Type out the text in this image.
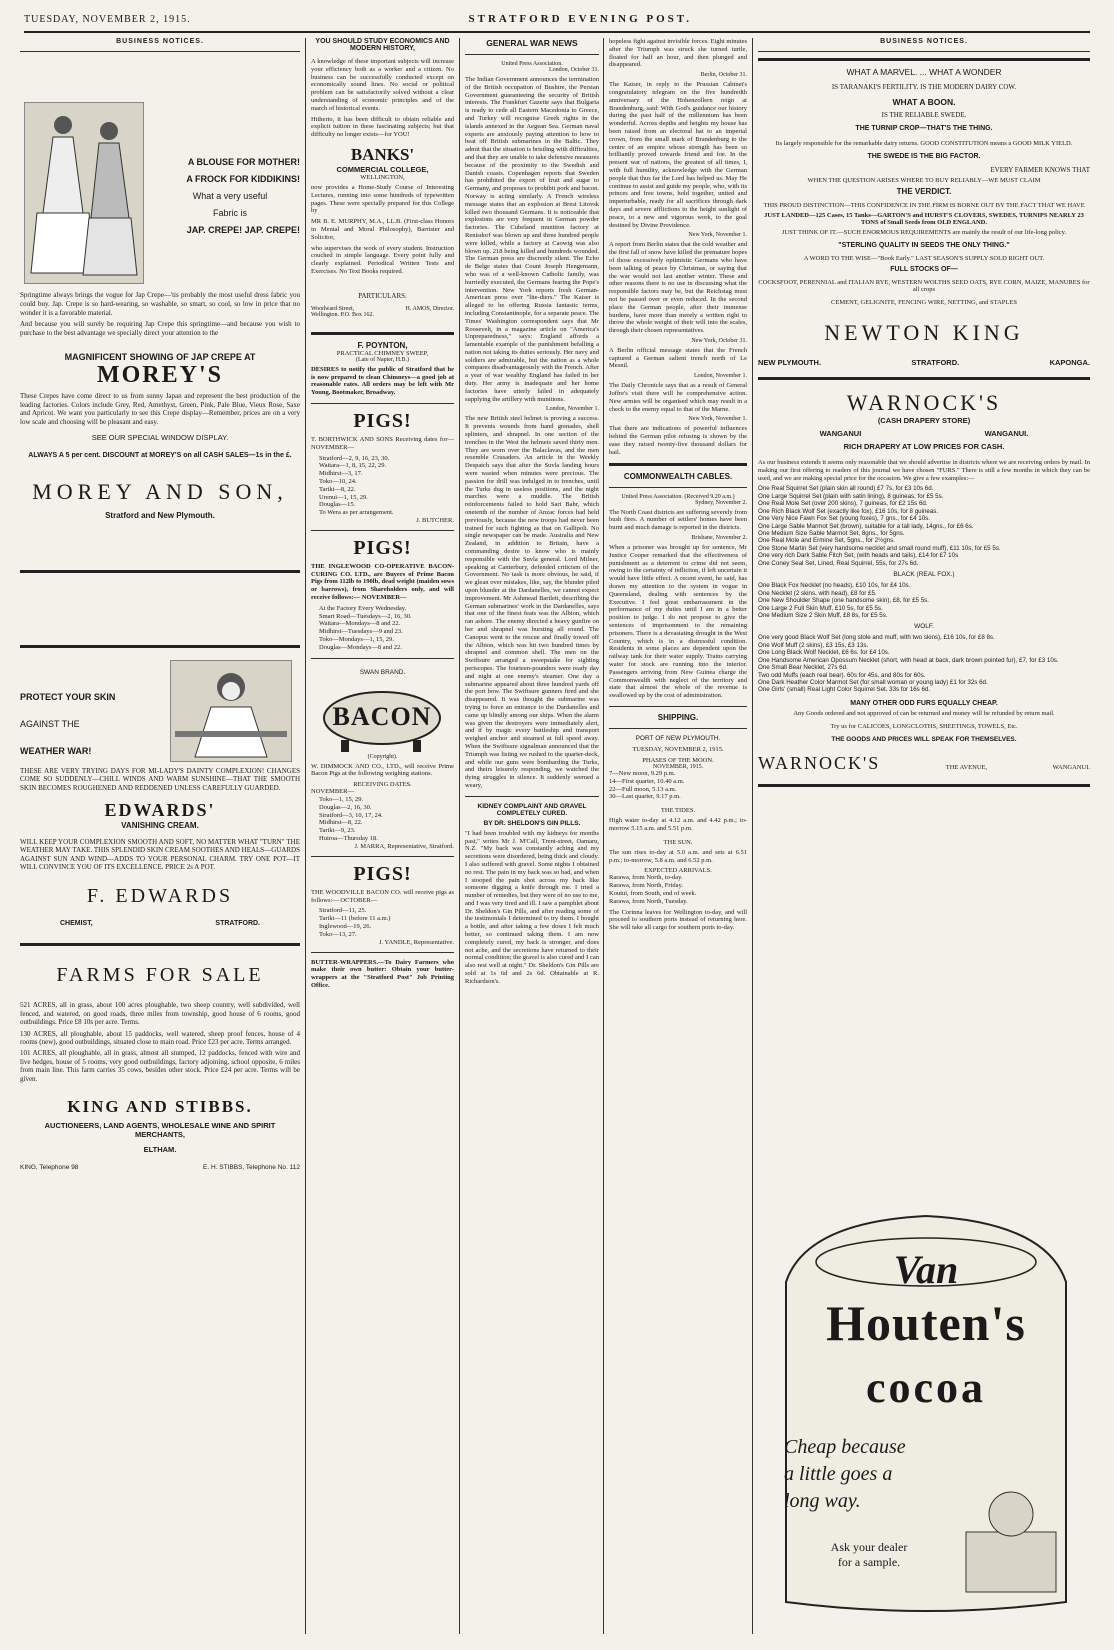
TUESDAY, NOVEMBER 2, 1915.	STRATFORD EVENING POST.
BUSINESS NOTICES.
A BLOUSE FOR MOTHER!
A FROCK FOR KIDDIKINS!
What a very useful
Fabric is
JAP. CREPE! JAP. CREPE!

Springtime always brings the vogue for Jap Crepe—'tis probably the most useful dress fabric you could buy. Jap. Crepe is so hard-wearing, so washable, so smart, so cool, so low in price that no wonder it is a favorable material.

And because you will surely be requiring Jap Crepe this springtime—and because you wish to purchase to the best advantage we specially direct your attention to the

MAGNIFICENT SHOWING OF JAP CREPE AT
MOREY'S

These Crepes have come direct to us from sunny Japan and represent the best production of the leading factories. Colors include Grey, Red, Amethyst, Green, Pink, Pale Blue, Vieux Rose, Saxe and Apricot. We want you particularly to see this Crepe display—Remember, prices are on a very low scale and choosing will be pleasant and easy.

SEE OUR SPECIAL WINDOW DISPLAY.
ALWAYS A 5 per cent. DISCOUNT at MOREY'S on all CASH SALES—1s in the £.
MOREY AND SON,
Stratford and New Plymouth.
PROTECT YOUR SKIN
AGAINST THE
WEATHER WAR!

THESE ARE VERY TRYING DAYS FOR MI-LADY'S DAINTY COMPLEXION! CHANGES COME SO SUDDENLY—CHILL WINDS AND WARM SUNSHINE—THAT THE SMOOTH SKIN BECOMES ROUGHENED AND REDDENED UNLESS CAREFULLY GUARDED.

EDWARDS'
VANISHING CREAM.

WILL KEEP YOUR COMPLEXION SMOOTH AND SOFT, NO MATTER WHAT "TURN" THE WEATHER MAY TAKE. THIS SPLENDID SKIN CREAM SOOTHES AND HEALS—GUARDS AGAINST SUN AND WIND—ADDS TO YOUR PERSONAL CHARM. TRY ONE POT—IT WILL CONVINCE YOU OF ITS EXCELLENCE. PRICE 2s A POT.

F. EDWARDS
CHEMIST,	STRATFORD.
FARMS FOR SALE

521 ACRES, all in grass, about 100 acres ploughable, two sheep country, well subdivided, well fenced, and watered, on good roads, three miles from township, good house of 6 rooms, good outbuildings. Price £8 10s per acre. Terms.

130 ACRES, all ploughable, about 15 paddocks, well watered, sheep proof fences, house of 4 rooms (new), good outbuildings, situated close to main road. Price £23 per acre. Terms arranged.

101 ACRES, all ploughable, all in grass, almost all stumped, 12 paddocks, fenced with wire and live hedges, house of 5 rooms, very good outbuildings, factory adjoining, school opposite, 6 miles from main line. This farm carries 35 cows, besides other stock. Price £24 per acre. Terms will be given.

KING AND STIBBS.
AUCTIONEERS, LAND AGENTS, WHOLESALE WINE AND SPIRIT MERCHANTS,
ELTHAM.
KING, Telephone 98	E. H. STIBBS, Telephone No. 112
YOU SHOULD STUDY ECONOMICS AND MODERN HISTORY,

A knowledge of these important subjects will increase your efficiency both as a worker and a citizen. No business can be successfully conducted except on economically sound lines. No social or political problem can be satisfactorily solved without a clear understanding of economic principles and of the march of historical events.

Hitherto, it has been difficult to obtain reliable and explicit tuition in these fascinating subjects; but that difficulty no longer exists—for YOU!

BANKS'
COMMERCIAL COLLEGE,
WELLINGTON,

now provides a Home-Study Course of Interesting Lectures, running into some hundreds of typewritten pages. These were specially prepared for this College by

MR B. E. MURPHY, M.A., LL.B. (First-class Honors in Mental and Moral Philosophy), Barrister and Solicitor,

who supervises the work of every student. Instruction couched in simple language. Every point fully and clearly explained. Periodical Written Tests and Exercises. No Text Books required.

PARTICULARS.
Woodward Street, Wellington. P.O. Box 162.
H. AMOS, Director.
F. POYNTON,
PRACTICAL CHIMNEY SWEEP,
(Late of Napier, H.B.)

DESIRES to notify the public of Stratford that he is now prepared to clean Chimneys—a good job at reasonable rates. All orders may be left with Mr Young, Bootmaker, Broadway.

PIGS!

T. BORTHWICK AND SONS Receiving dates for— NOVEMBER—

Stratford—2, 9, 16, 23, 30.
Waitara—1, 8, 15, 22, 29.
Midhirst—3, 17.
Toko—10, 24.
Tariki—8, 22.
Urenui—1, 15, 29.
Douglas—15.
To Wera as per arrangement.
J. BUTCHER.
PIGS!

THE INGLEWOOD CO-OPERATIVE BACON-CURING CO. LTD., are Buyers of Prime Bacon Pigs from 112lb to 190lb, dead weight (maiden sows or barrows), from Shareholders only, and will receive follows:— NOVEMBER—

At the Factory Every Wednesday.
Smart Road—Tuesdays—2, 16, 30.
Waitara—Mondays—8 and 22.
Midhirst—Tuesdays—9 and 23.
Toko—Mondays—1, 15, 29.
Douglas—Mondays—8 and 22.
SWAN BRAND.
BACON
(Copyright).

W. DIMMOCK AND CO., LTD., will receive Prime Bacon Pigs at the following weighing stations.

RECEIVING DATES.
NOVEMBER—
Toko—1, 15, 29.
Douglas—2, 16, 30.
Stratford—3, 10, 17, 24.
Midhirst—8, 22.
Tariki—9, 23.
Huiroa—Thursday 18.
J. MARRA, Representative, Stratford.
PIGS!

THE WOODVILLE BACON CO. will receive pigs as follows:— OCTOBER—

Stratford—11, 25.
Tariki—11 (before 11 a.m.)
Inglewood—19, 26.
Toko—13, 27.
J. YANDLE, Representative.

BUTTER-WRAPPERS.—To Dairy Farmers who make their own butter: Obtain your butter-wrappers at the "Stratford Post" Job Printing Office.

GENERAL WAR NEWS
United Press Association.
London, October 31.

The Indian Government announces the termination of the British occupation of Bushire, the Persian Government guaranteeing the security of British interests. The Frankfurt Gazette says that Bulgaria is ready to cede all Eastern Macedonia to Greece, and Turkey will recognise Greek rights in the islands annexed in the Aegean Sea. German naval experts are anxiously paying attention to how to beat off British submarines in the Baltic. They admit that the situation is bristling with difficulties, and that they are unable to take defensive measures because of the proximity to the Swedish and Danish coasts. Copenhagen reports that Sweden has prohibited the export of fruit and sugar to Germany, and proposes to prohibit pork and bacon. Norway is acting similarly. A French wireless message states that an explosion at Brest Litovsk killed two thousand Germans. It is noticeable that explosions are very frequent in German powder factories. The Cubeland munition factory at Renisdorf was blown up and three hundred people were killed, while a factory at Caowig was also blown up. 218 being killed and hundreds wounded. The German press are discreetly silent. The Echo de Belge states that Count Joseph Hengemann, who was of a well-known Catholic family, was hurriedly executed, the Germans fearing the Pope's intervention. New York reports fresh German-American press over "lite-diers." The Kaiser is alleged to be offering Russia fantastic terms, including Constantinople, for a separate peace. The Times' Washington correspondent says that Mr Roosevelt, in a magazine article on "America's Unpreparedness," says: England affords a lamentable example of the punishment befalling a nation not taking its duties seriously. Her navy and soldiers are admirable, but the nation as a whole compares disadvantageously with the French. After a year of war wealthy England has failed in her duty. Her army is inadequate and her home factories have utterly failed in adequately supplying the artillery with munitions.

London, November 1.

The new British steel helmet is proving a success. It prevents wounds from hand grenades, shell splinters, and shrapnel. In one section of the trenches in the West the helmets saved thirty men. They are worn over the Balaclavas, and the men resemble Crusaders. An article in the Weekly Despatch says that after the Suvla landing hours were wasted when minutes were precious. The passion for drill was indulged in to trenches, until the Turks dug in useless positions, and the night marches were a muddle. The British reinforcements failed to hold Sari Bahr, which onetenth of the number of Anzac forces had held previously, because the new troops had never been trained for such fighting as that on Gallipoli. No single newspaper can be made. Australia and New Zealand, in addition to Britain, have a commanding desire to know who is mainly responsible with the Suvla general. Lord Milner, speaking at Canterbury, defended criticism of the Government. No task is more obvious, he said, if we glean over mistakes, like, say, the blunder piled upon blunder at the Dardanelles, we cannot expect improvement. Mr Ashmead Bartlett, describing the German submarines' work in the Dardanelles, says that one of the finest feats was the Albion, which ran ashore. The enemy directed a heavy gunfire on her and shrapnel was bursting all round. The Canopus went to the rescue and finally towed off the Albion, which was hit two hundred times by shrapnel and common shell. The men on the Swiftsure arranged a sweepstake for sighting periscopes. The fourteen-pounders were ready day and night at one enemy's steamer. One day a submarine appeared about three hundred yards off the port bow. The Swiftsure gunners fired and she disappeared. It was thought the submarine was trying to force an entrance to the Dardanelles and came up blindly among our ships. When the alarm was given the destroyers were immediately alert, and if by magic every battleship and transport weighed anchor and steamed at full speed away. When the Swiftsure signalman announced that the Triumph was listing we rushed to the quarter-deck, and while our guns were bombarding the Turks, and theirs leisurely responding, we watched the dying struggles in silence. It suddenly seemed a weary,

KIDNEY COMPLAINT AND GRAVEL COMPLETELY CURED.
BY DR. SHELDON'S GIN PILLS.

"I had been troubled with my kidneys for months past," writes Mr J. M'Call, Trent-street, Oamaru, N.Z. "My back was constantly aching and my secretions were disordered, being thick and cloudy. I also suffered with gravel. Some nights I obtained no rest. The pain in my back was so bad, and when I stooped the pain shot across my back like someone digging a knife through me. I tried a number of remedies, but they were of no use to me, and I was very tired and ill. I saw a pamphlet about Dr. Sheldon's Gin Pills, and after reading some of the testimonials I determined to try them. I bought a bottle, and after taking a few doses I felt much better, so continued taking them. I am now completely cured, my back is stronger, and does not ache, and the secretions have returned to their normal condition; the gravel is also cured and I can also rest well at night." Dr. Sheldon's Gin Pills are sold at 1s 6d and 2s 6d. Obtainable at R. Richardson's.

hopeless fight against invisible forces. Eight minutes after the Triumph was struck she turned turtle, floated for half an hour, and then plunged and disappeared.

Berlin, October 31.

The Kaiser, in reply to the Prussian Cabinet's congratulatory telegram on the five hundredth anniversary of the Hohenzollern reign at Brandenburg, said: With God's guidance our history during the past half of the millennium has been wonderful. Across depths and heights my house has been raised from an electoral hat to an imperial crown, from the small mark of Brandenburg to the centre of an empire whose strength has been so brilliantly proved towards friend and foe. In the present war of nations, the greatest of all times, I, with full humility, acknowledge with the German people that thus far the Lord has helped us. May He continue to assist and guide my people, who, with its princes and free towns, hold together, united and imperturbable, ready for all sacrifices through dark days and severe afflictions to the height sunlight of peace, to a new and vigorous work, to the goal destined by Divine Providence.

New York, November 1.

A report from Berlin states that the cold weather and the first fall of snow have killed the premature hopes of those excessively optimistic Germans who have been talking of peace by Christmas, or saying that the war would not last another winter. These and other reasons there is no use in discussing what the responsible factors may be, but the Reichstag must not be passed over or even reduced. In the second place the German people, after their immense burdens, have more than merely a written right to throw the whole weight of their will into the scales, through their chosen representatives.

New York, October 31.

A Berlin official message states that the French captured a German salient trench north of Le Mesnil.

London, November 1.

The Daily Chronicle says that as a result of General Joffre's visit there will be comprehensive action. New armies will be organised which may result in a check to the enemy equal to that of the Marne.

New York, November 1.

That there are indications of powerful influences behind the German pilot refusing is shown by the ease they raised twenty-five thousand dollars for bail.

COMMONWEALTH CABLES.
United Press Association. (Received 9.20 a.m.)
Sydney, November 2.

The North Coast districts are suffering severely from bush fires. A number of settlers' homes have been burnt and much damage is reported in the districts.

Brisbane, November 2.

When a prisoner was brought up for sentence, Mr Justice Cooper remarked that the effectiveness of punishment as a deterrent to crime did not seem, owing to the certainty of infliction, if left uncertain it would have little effect. A recent event, he said, has drawn my attention to the system in vogue in Queensland, dealing with sentences by the Executive. I feel great embarrassment in the performance of my duties until I am in a better position to judge. I do not propose to give the sentences of imprisonment to the remaining prisoners. There is a devastating drought in the West Country, which is in a distressful condition. Residents in some places are dependent upon the railway tank for their water supply. Trains carrying water for stock are running into the interior. Passengers arriving from New Guinea charge the Commonwealth with neglect of the territory and state that almost the whole of the revenue is swallowed up by the cost of administration.

SHIPPING.
PORT OF NEW PLYMOUTH.
TUESDAY, NOVEMBER 2, 1915.
PHASES OF THE MOON.
NOVEMBER, 1915.
7—New moon, 9.29 p.m.
14—First quarter, 10.40 a.m.
22—Full moon, 5.13 a.m.
30—Last quarter, 9.17 p.m.
THE TIDES.

High water to-day at 4.12 a.m. and 4.42 p.m.; to-morrow 5.15 a.m. and 5.51 p.m.

THE SUN.

The sun rises to-day at 5.0 a.m. and sets at 6.51 p.m.; to-morrow, 5.8 a.m. and 6.52 p.m.

EXPECTED ARRIVALS.
Rarawa, from North, to-day.
Rarawa, from North, Friday.
Koutui, from South, end of week.
Rarawa, from North, Tuesday.

The Corinna leaves for Wellington to-day, and will proceed to southern ports instead of returning here. She will take all cargo for southern ports to-day.

BUSINESS NOTICES.
WHAT A MARVEL. ... WHAT A WONDER
IS TARANAKI'S FERTILITY. IS THE MODERN DAIRY COW.
WHAT A BOON.
IS THE RELIABLE SWEDE.
THE TURNIP CROP—THAT'S THE THING.

Its largely responsible for the remarkable dairy returns. GOOD CONSTITUTION means a GOOD MILK YIELD.

THE SWEDE IS THE BIG FACTOR.
EVERY FARMER KNOWS THAT

WHEN THE QUESTION ARISES WHERE TO BUY RELIABLY—WE MUST CLAIM

THE VERDICT.

THIS PROUD DISTINCTION—THIS CONFIDENCE IN THE FIRM IS BORNE OUT BY THE FACT THAT WE HAVE

JUST LANDED—125 Cases, 15 Tanks—GARTON'S and HURST'S CLOVERS, SWEDES, TURNIPS NEARLY 23 TONS of Small Seeds from OLD ENGLAND.

JUST THINK OF IT.—SUCH ENORMOUS REQUIREMENTS are mainly the result of our life-long policy.

"STERLING QUALITY IN SEEDS THE ONLY THING."

A WORD TO THE WISE—"Book Early." LAST SEASON'S SUPPLY SOLD RIGHT OUT.

FULL STOCKS OF—

COCKSFOOT, PERENNIAL and ITALIAN RYE, WESTERN WOLTHS SEED OATS, RYE CORN, MAIZE, MANURES for all crops

CEMENT, GELIGNITE, FENCING WIRE, NETTING, and STAPLES

NEWTON KING
NEW PLYMOUTH.	STRATFORD.	KAPONGA.
WARNOCK'S
(CASH DRAPERY STORE)
WANGANUI	WANGANUI.
RICH DRAPERY AT LOW PRICES FOR CASH.

As our business extends it seems only reasonable that we should advertise in districts where we are receiving orders by mail. In making our first offering to readers of this journal we have chosen "FURS." There is still a few months in which they can be used, and we are making special price for the occasion. We give a few examples:—

One Real Squirrel Set (plain skin all round) £7 7s, for £3 10s 6d.
One Large Squirrel Set (plain with satin lining), 8 guineas, for £5 5s.
One Real Mole Set (over 200 skins), 7 guineas, for £2 15s 6d.
One Rich Black Wolf Set (exactly like fox), £16 10s, for 8 guineas.
One Very Nice Fawn Fox Set (young foxes), 7 gns., for £4 10s.
One Large Sable Marmot Set (brown), suitable for a tall lady, 14gns., for £6 6s.
One Medium Size Sable Marmot Set, 8gns., for 5gns.
One Real Mole and Ermine Set, 5gns., for 2½gns.
One Stone Martin Set (very handsome necklet and small round muff), £11 10s, for £5 5s.
One very rich Dark Sable Fitch Set, (with heads and tails), £14 for £7 10s
One Coney Seal Set, Lined, Real Squirrel, 55s, for 27s 6d.
BLACK (REAL FOX.)
One Black Fox Necklet (no heads), £10 10s, for £4 10s.
One Necklet (2 skins, with head), £8 for £5.
One New Shoulder Shape (one handsome skin), £8, for £5 5s.
One Large 2 Full Skin Muff, £10 5s, for £5 5s.
One Medium Size 2 Skin Muff, £8 8s, for £5 5s.
WOLF.
One very good Black Wolf Set (long stole and muff, with two skins), £16 10s, for £8 8s.
One Wolf Muff (2 skins), £3 15s, £3 13s.
One Long Black Wolf Necklet, £6 6s. for £4 10s.
One Handsome American Opossum Necklet (short, with head at back, dark brown pointed fur), £7, for £3 10s.
One Small Bear Necklet, 27s 6d.
Two odd Muffs (each real bear). 60s for 45s, and 80s for 60s.
One Dark Heather Color Marmot Set (for small woman or young lady) £1 for 32s 6d.
One Girls' (small) Real Light Color Squirrel Set, 33s for 16s 6d.
MANY OTHER ODD FURS EQUALLY CHEAP.

Any Goods ordered and not approved of can be returned and money will be refunded by return mail.

Try us for CALICOES, LONGCLOTHS, SHEETINGS, TOWELS, Etc.
THE GOODS AND PRICES WILL SPEAK FOR THEMSELVES.
WARNOCK'S	THE AVENUE,	WANGANUI.
Van
Houten's
cocoa
Cheap because
a little goes a
long way.
Ask your dealer
for a sample.
